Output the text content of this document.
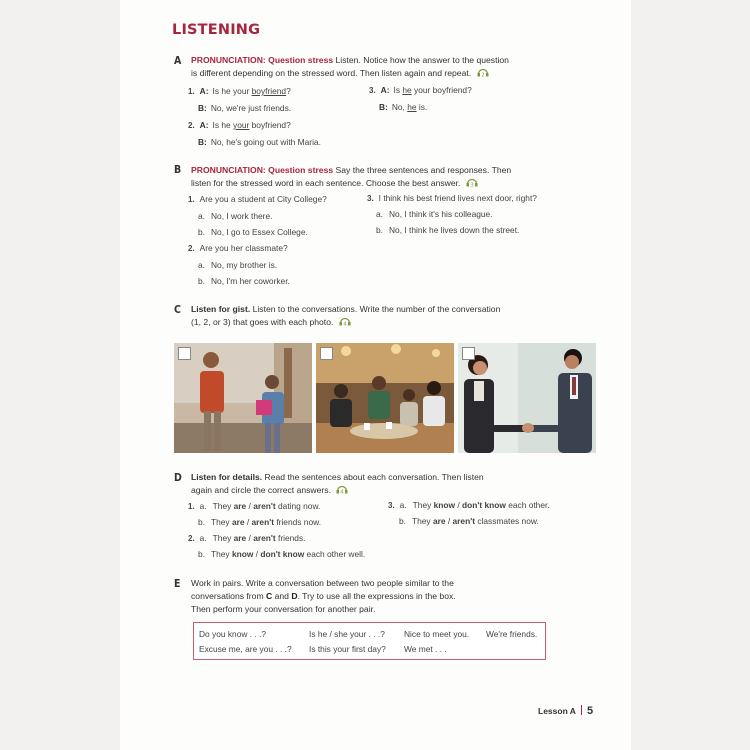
LISTENING
A PRONUNCIATION: Question stress Listen. Notice how the answer to the question
is different depending on the stressed word. Then listen again and repeat. 2
1. A: Is he your boyfriend?
B: No, we're just friends.
2. A: Is he your boyfriend?
B: No, he's going out with Maria.
3. A: Is he your boyfriend?
B: No, he is.
B PRONUNCIATION: Question stress Say the three sentences and responses. Then
listen for the stressed word in each sentence. Choose the best answer. 3
1. Are you a student at City College?
a. No, I work there.
b. No, I go to Essex College.
2. Are you her classmate?
a. No, my brother is.
b. No, I'm her coworker.
3. I think his best friend lives next door, right?
a. No, I think it's his colleague.
b. No, I think he lives down the street.
C Listen for gist. Listen to the conversations. Write the number of the conversation
(1, 2, or 3) that goes with each photo. 4
D Listen for details. Read the sentences about each conversation. Then listen
again and circle the correct answers. 4
1. a. They are / aren't dating now.
b. They are / aren't friends now.
2. a. They are / aren't friends.
b. They know / don't know each other well.
3. a. They know / don't know each other.
b. They are / aren't classmates now.
E Work in pairs. Write a conversation between two people similar to the
conversations from C and D. Try to use all the expressions in the box.
Then perform your conversation for another pair.
Do you know . . .?	Is he / she your . . .? Nice to meet you. We're friends.
Excuse me, are you . . .? Is this your first day? We met . . .
Lesson A 5
